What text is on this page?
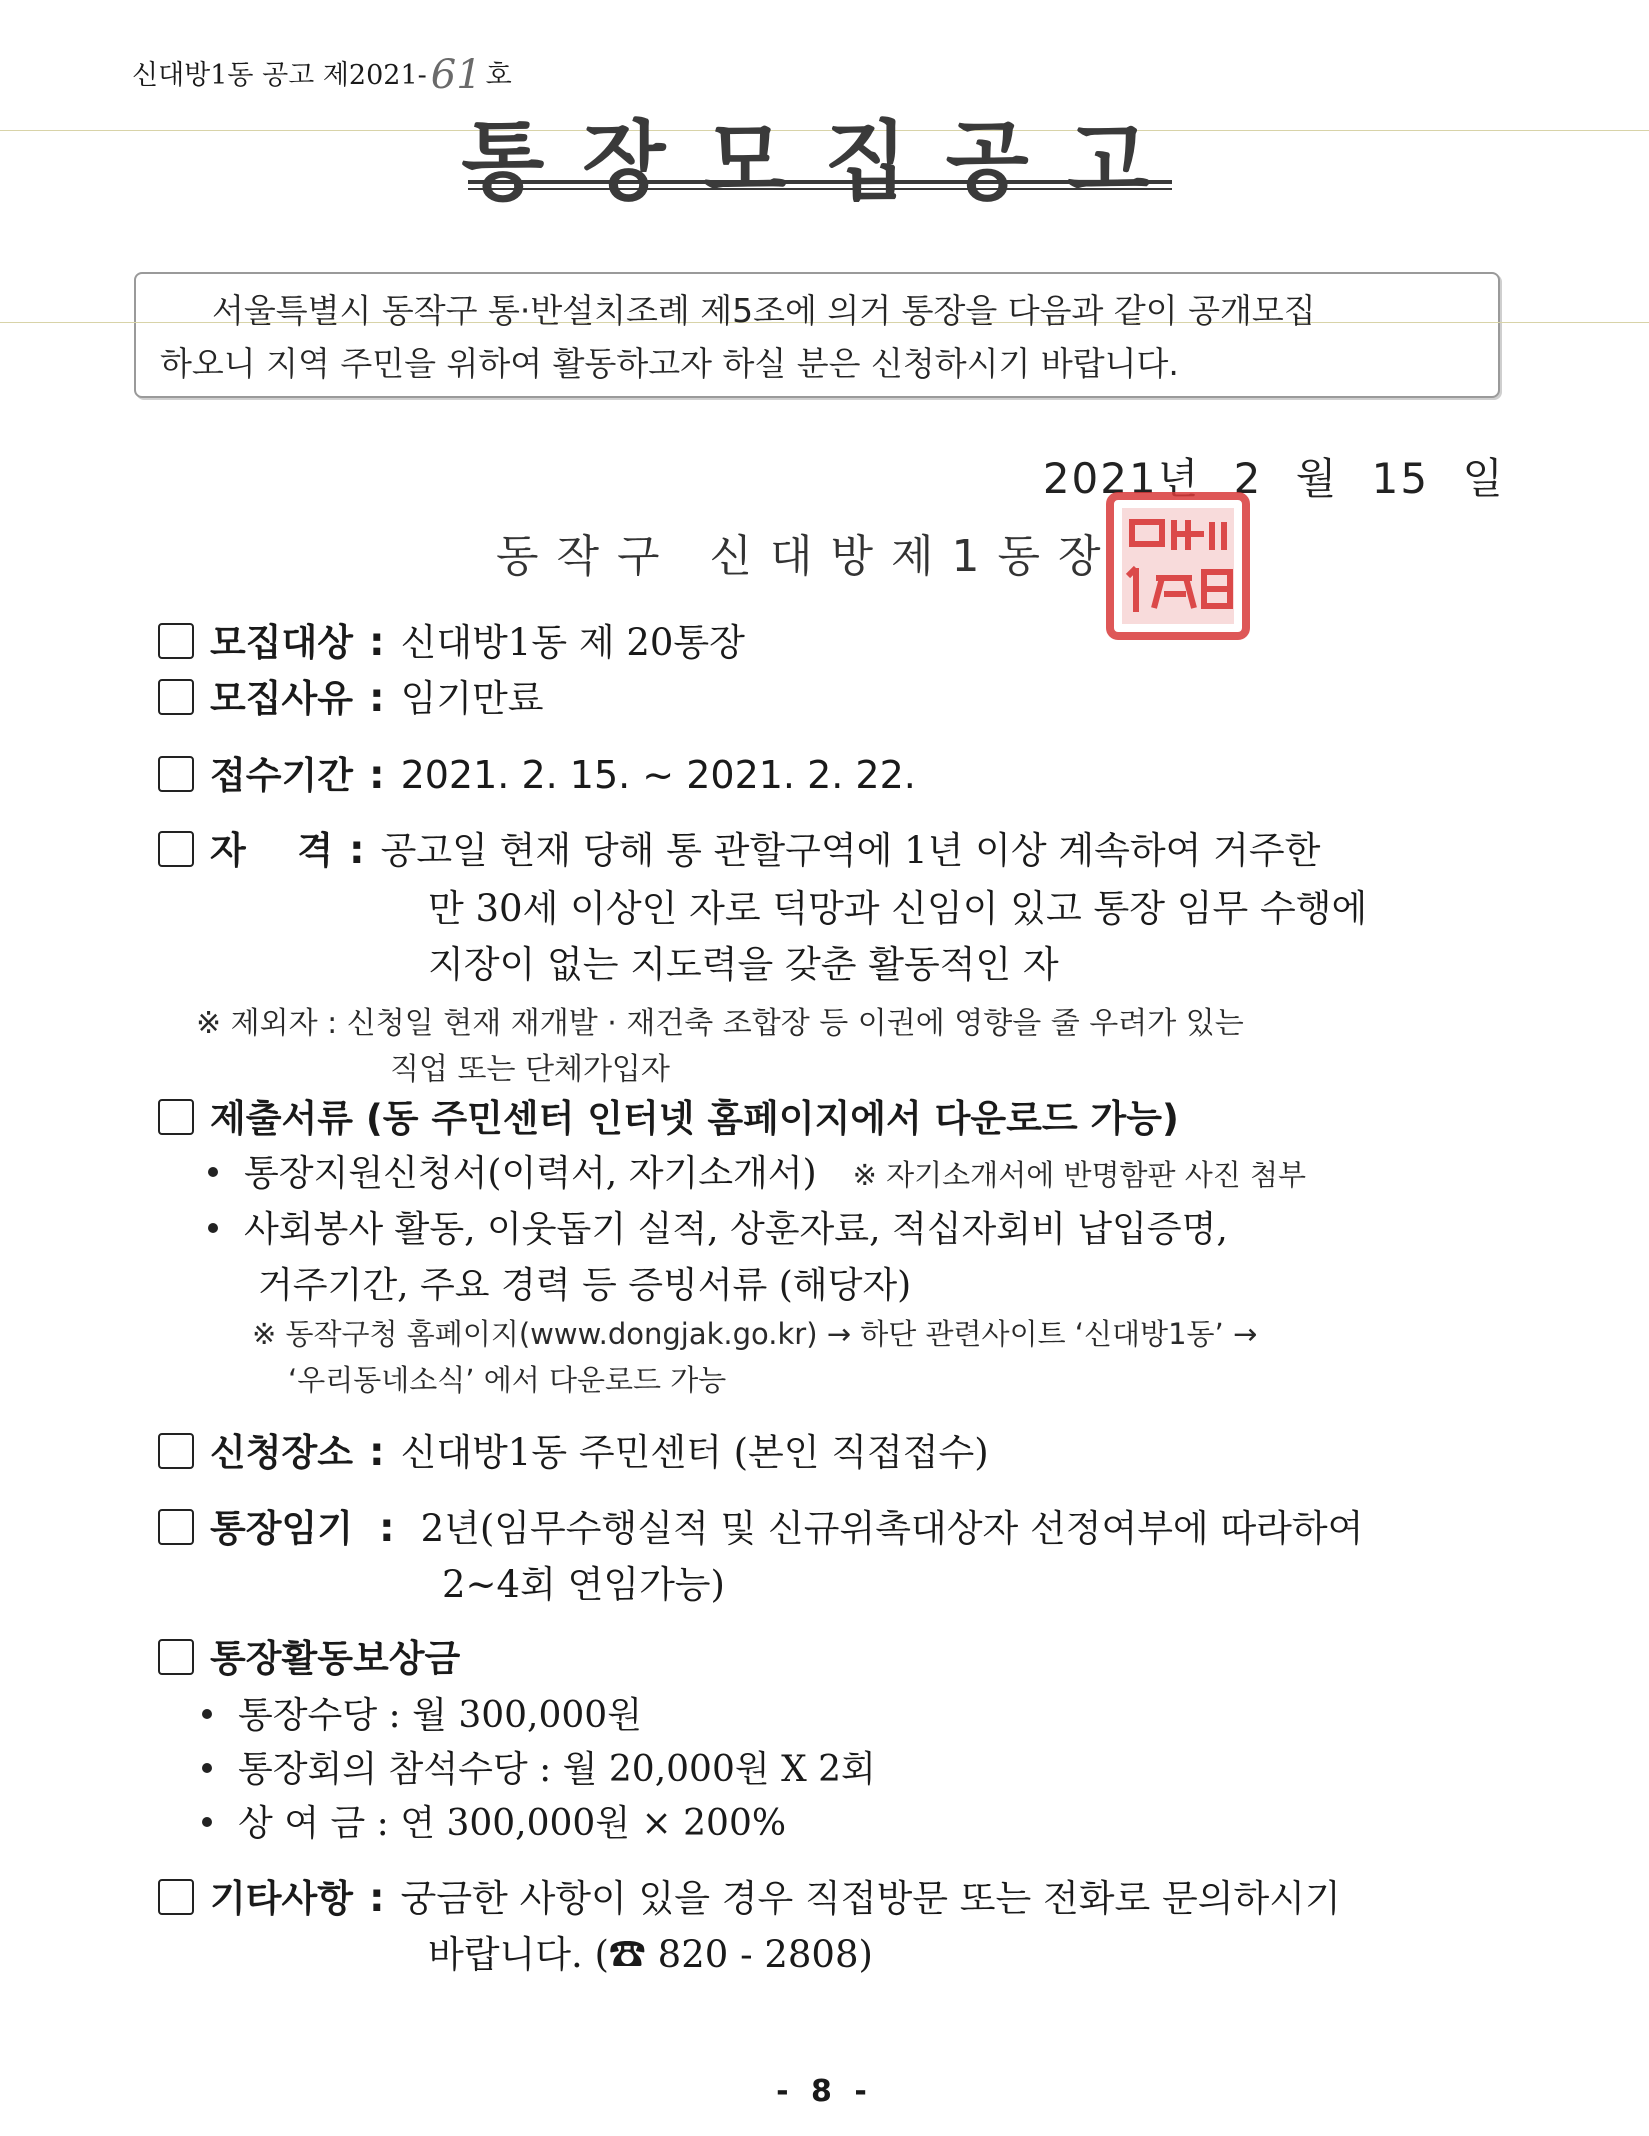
신대방1동 공고 제2021- 61 호
통장모집공고
서울특별시 동작구 통·반설치조례 제5조에 의거 통장을 다음과 같이 공개모집
하오니 지역 주민을 위하여 활동하고자 하실 분은 신청하시기 바랍니다.
2021년 2 월 15 일
동작구 신대방제1동장
모집대상 : 신대방1동 제 20통장
모집사유 : 임기만료
접수기간 : 2021. 2. 15. ~ 2021. 2. 22.
자    격 : 공고일 현재 당해 통 관할구역에 1년 이상 계속하여 거주한
만 30세 이상인 자로 덕망과 신임이 있고 통장 임무 수행에
지장이 없는 지도력을 갖춘 활동적인 자
※ 제외자 : 신청일 현재 재개발 · 재건축 조합장 등 이권에 영향을 줄 우려가 있는
직업 또는 단체가입자
제출서류 (동 주민센터 인터넷 홈페이지에서 다운로드 가능)
통장지원신청서(이력서, 자기소개서) ※ 자기소개서에 반명함판 사진 첨부
사회봉사 활동, 이웃돕기 실적, 상훈자료, 적십자회비 납입증명,
거주기간, 주요 경력 등 증빙서류 (해당자)
※ 동작구청 홈페이지(www.dongjak.go.kr) → 하단 관련사이트 ‘신대방1동’ →
‘우리동네소식’ 에서 다운로드 가능
신청장소 : 신대방1동 주민센터 (본인 직접접수)
통장임기 : 2년(임무수행실적 및 신규위촉대상자 선정여부에 따라하여
2~4회 연임가능)
통장활동보상금
통장수당 : 월 300,000원
통장회의 참석수당 : 월 20,000원 X 2회
상 여 금 : 연 300,000원 × 200%
기타사항 : 궁금한 사항이 있을 경우 직접방문 또는 전화로 문의하시기
바랍니다. (☎ 820 - 2808)
- 8 -
